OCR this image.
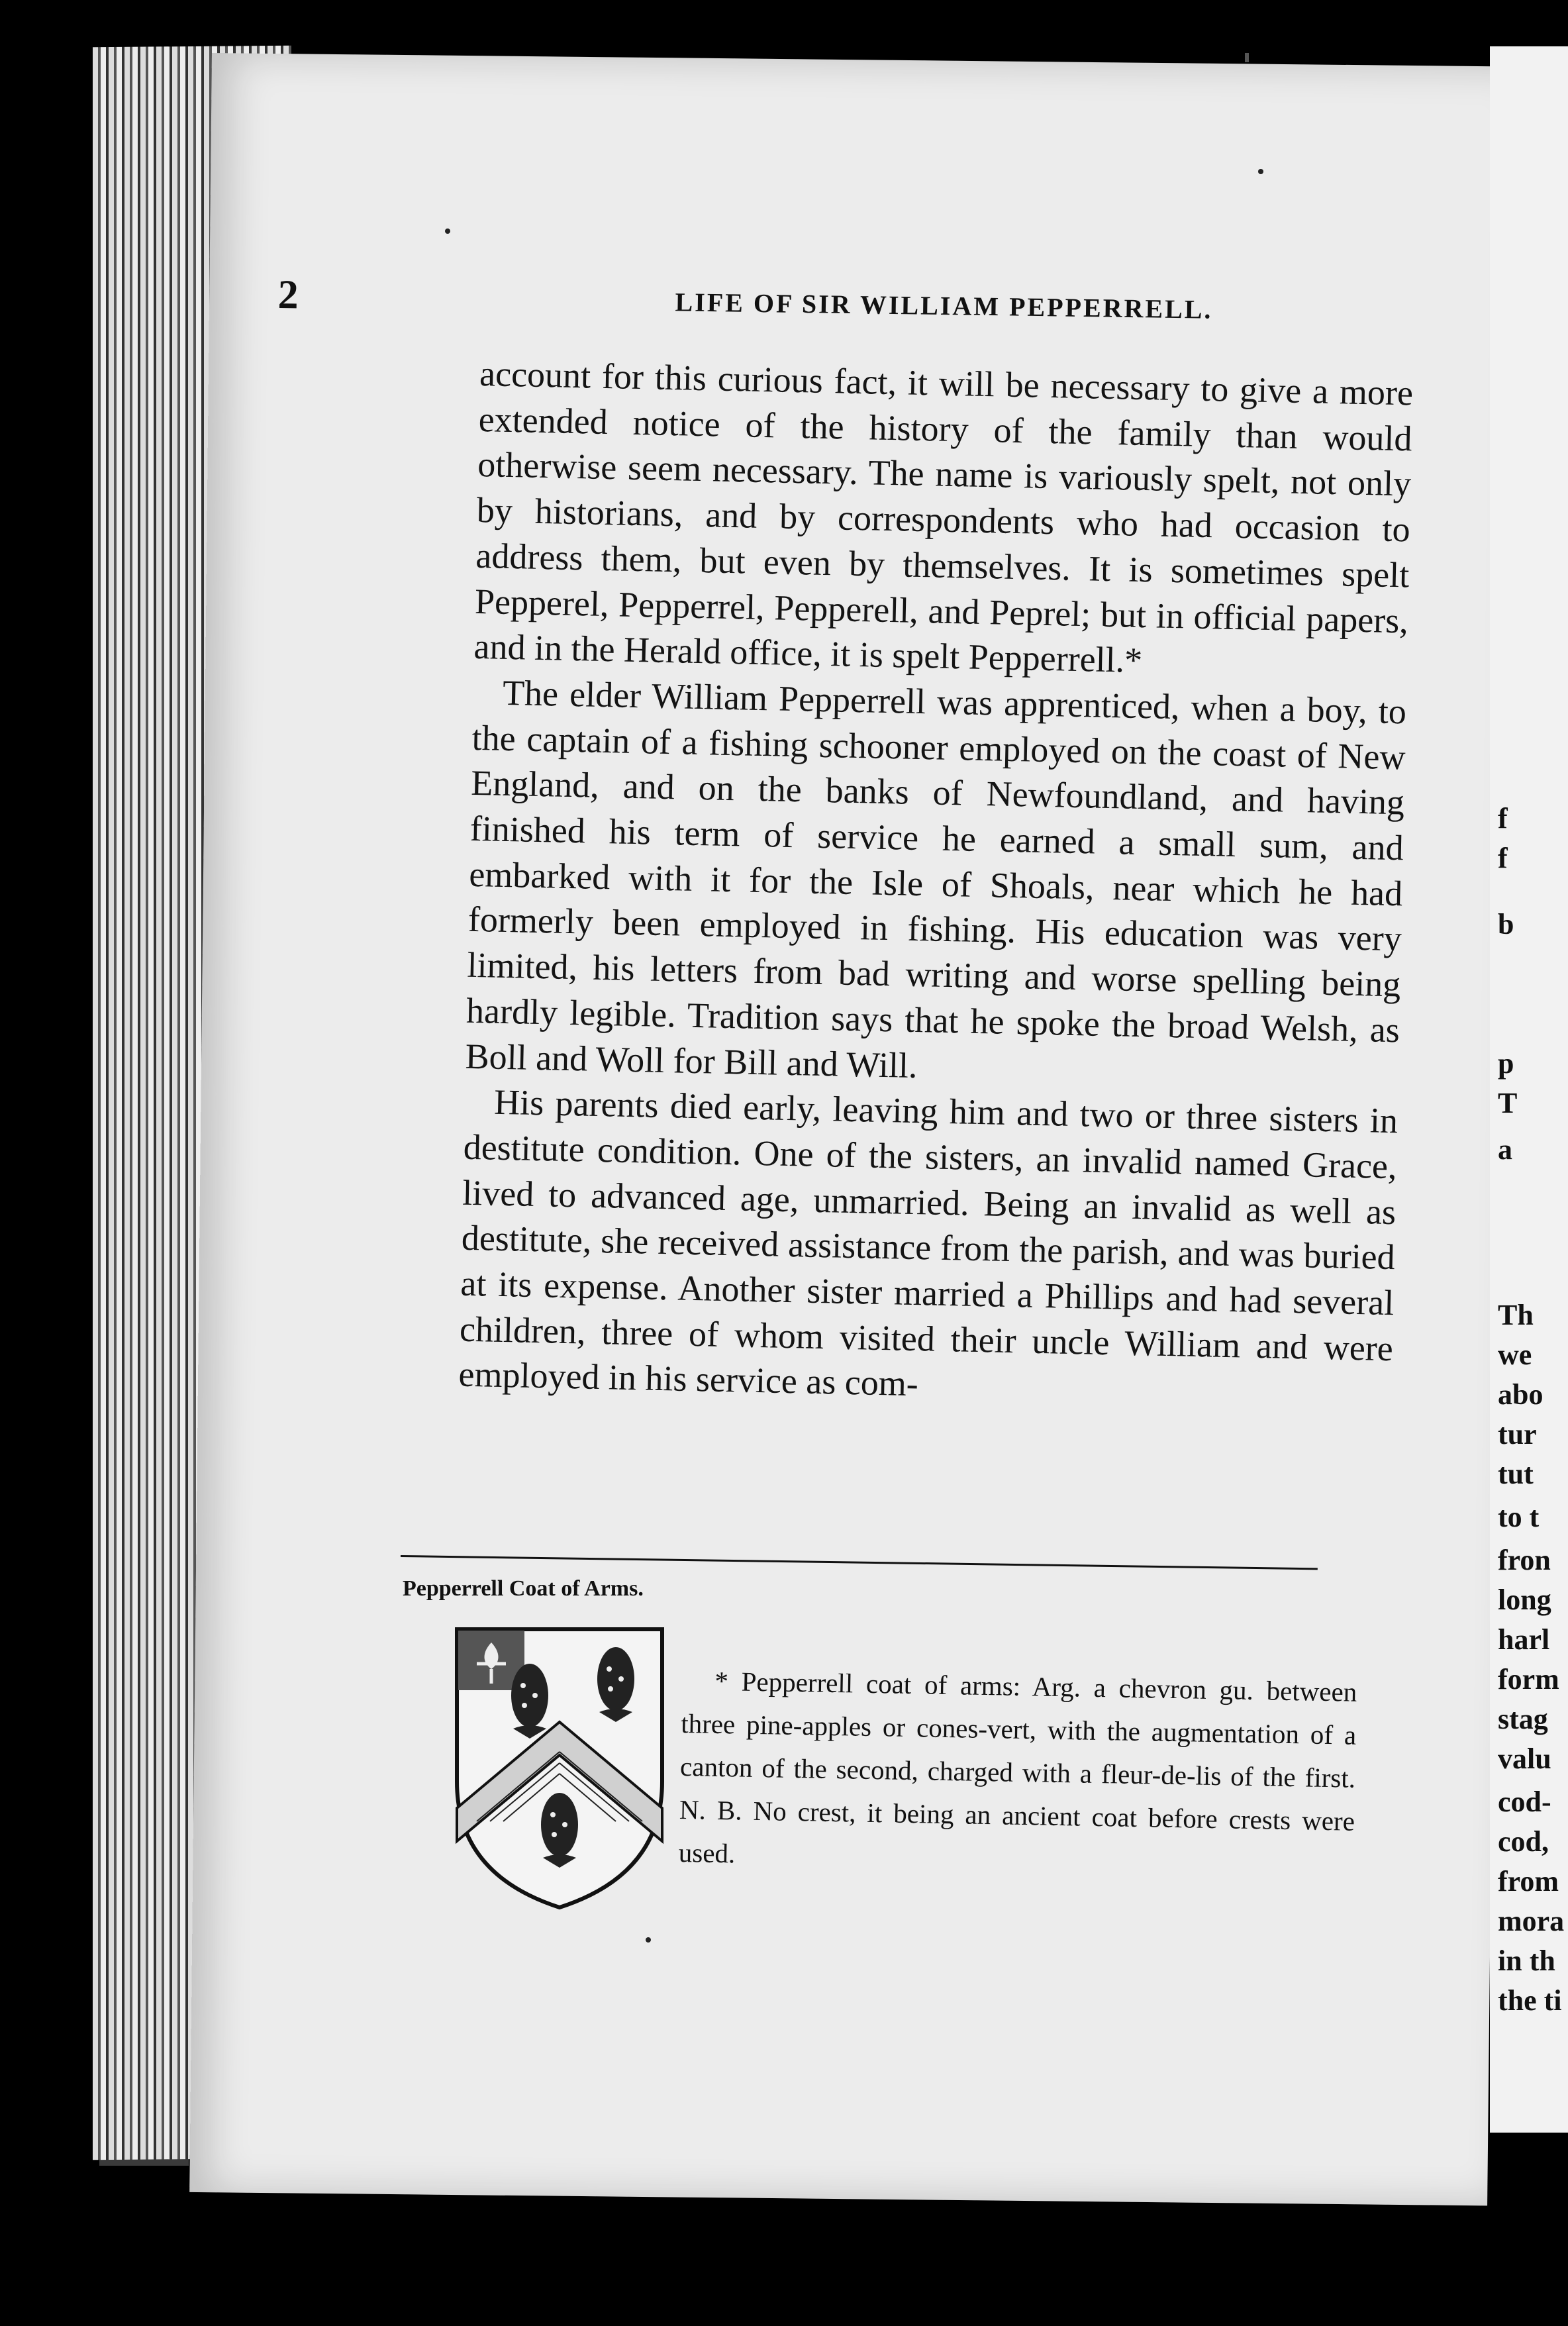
f
f
b
p
T
a
Th
we
abo
tur
tut
to t
fron
long
harl
form
stag
valu
cod-
cod,
from
mora
in th
the ti
2	LIFE OF SIR WILLIAM PEPPERRELL.

account for this curious fact, it will be necessary to give a more extended notice of the history of the family than would otherwise seem necessary. The name is variously spelt, not only by historians, and by correspondents who had occasion to address them, but even by themselves. It is sometimes spelt Pepperel, Pepperrel, Pepperell, and Peprel; but in official papers, and in the Herald office, it is spelt Pepperrell.*

The elder William Pepperrell was apprenticed, when a boy, to the captain of a fishing schooner employed on the coast of New England, and on the banks of Newfoundland, and having finished his term of service he earned a small sum, and embarked with it for the Isle of Shoals, near which he had formerly been employed in fishing. His education was very limited, his letters from bad writing and worse spelling being hardly legible. Tradition says that he spoke the broad Welsh, as Boll and Woll for Bill and Will.

His parents died early, leaving him and two or three sisters in destitute condition. One of the sisters, an invalid named Grace, lived to advanced age, unmarried. Being an invalid as well as destitute, she received assistance from the parish, and was buried at its expense. Another sister married a Phillips and had several children, three of whom visited their uncle William and were employed in his service as com-

Pepperrell Coat of Arms.

* Pepperrell coat of arms: Arg. a chevron gu. between three pine-apples or cones-vert, with the augmentation of a canton of the second, charged with a fleur-de-lis of the first. N. B. No crest, it being an ancient coat before crests were used.
